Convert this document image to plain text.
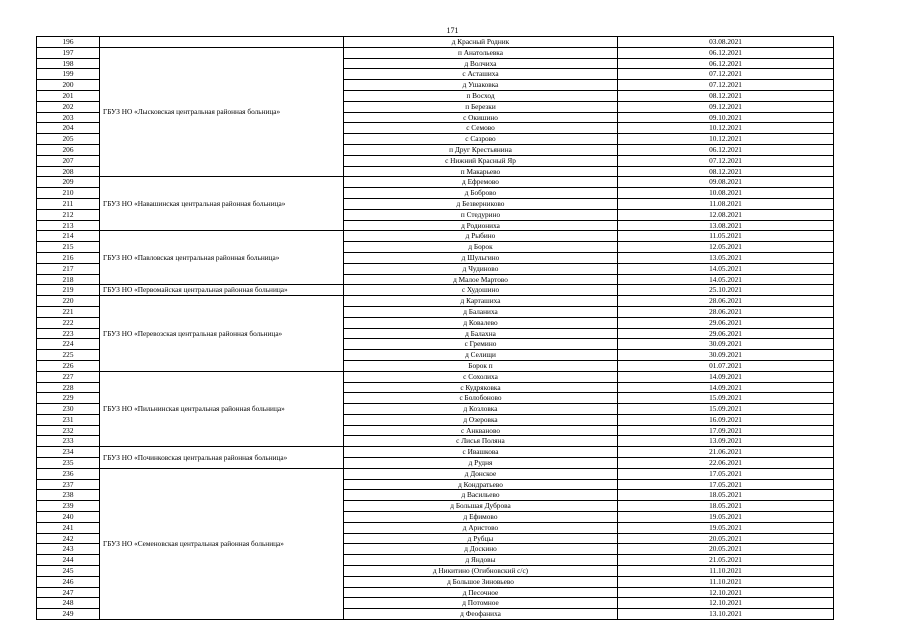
171
196		д Красный Родник	03.08.2021
197	ГБУЗ НО «Лысковская центральная районная больница»	п Анатольевка	06.12.2021
198		д Волчиха	06.12.2021
199		с Асташиха	07.12.2021
200		д Ушаковка	07.12.2021
201		п Восход	08.12.2021
202		п Березки	09.12.2021
203		с Окишино	09.10.2021
204		с Семово	10.12.2021
205		с Сазрово	10.12.2021
206		п Друг Крестьянина	06.12.2021
207		с Нижний Красный Яр	07.12.2021
208		п Макарьево	08.12.2021
209	ГБУЗ НО «Навашинская центральная районная больница»	д Ефремово	09.08.2021
210		д Боброво	10.08.2021
211		д Безверниково	11.08.2021
212		п Стедурино	12.08.2021
213		д Родиониха	13.08.2021
214	ГБУЗ НО «Павловская центральная районная больница»	д Рыбино	11.05.2021
215		д Борок	12.05.2021
216		д Шульгино	13.05.2021
217		д Чудиново	14.05.2021
218		д Малое Мартово	14.05.2021
219	ГБУЗ НО «Первомайская центральная районная больница»	с Худошино	25.10.2021
220	ГБУЗ НО «Перевозская центральная районная больница»	д Карташиха	28.06.2021
221		д Баланиха	28.06.2021
222		д Ковалево	29.06.2021
223		д Балахна	29.06.2021
224		с Гремино	30.09.2021
225		д Селищи	30.09.2021
226		Борок п	01.07.2021
227	ГБУЗ НО «Пильнинская центральная районная больница»	с Сохолиха	14.09.2021
228		с Кудряковка	14.09.2021
229		с Болобоново	15.09.2021
230		д Козловка	15.09.2021
231		д Озеровка	16.09.2021
232		с Анкваново	17.09.2021
233		с Лисья Поляна	13.09.2021
234	ГБУЗ НО «Починковская центральная районная больница»	с Ивашкова	21.06.2021
235		д Рудня	22.06.2021
236	ГБУЗ НО «Семеновская центральная районная больница»	д Донское	17.05.2021
237		д Кондратьево	17.05.2021
238		д Васильево	18.05.2021
239		д Большая Дуброва	18.05.2021
240		д Ефимово	19.05.2021
241		д Аристово	19.05.2021
242		д Рубцы	20.05.2021
243		д Доскино	20.05.2021
244		д Яндовы	21.05.2021
245		д Никитино (Огибновский с/с)	11.10.2021
246		д Большое Зиновьево	11.10.2021
247		д Песочное	12.10.2021
248		д Потомное	12.10.2021
249		д Феофаниха	13.10.2021
